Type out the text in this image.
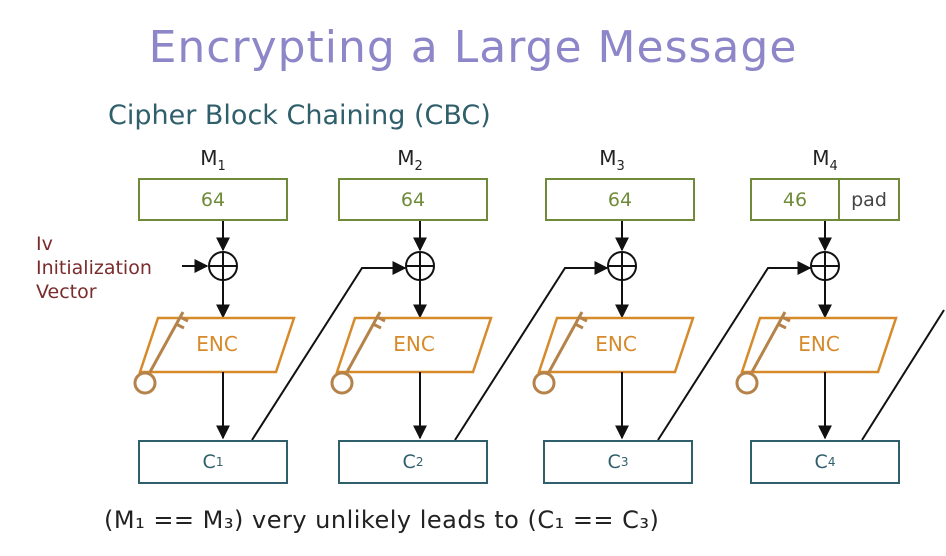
Encrypting a Large Message
Cipher Block Chaining (CBC)
Iv
Initialization
Vector
$M_1$	$M_2$	$M_3$	$M_4$
64	64	64	46	pad
ENC	ENC	ENC	ENC
C 1	C 2	C 3	C 4
(M₁ == M₃) very unlikely leads to (C₁ == C₃)
